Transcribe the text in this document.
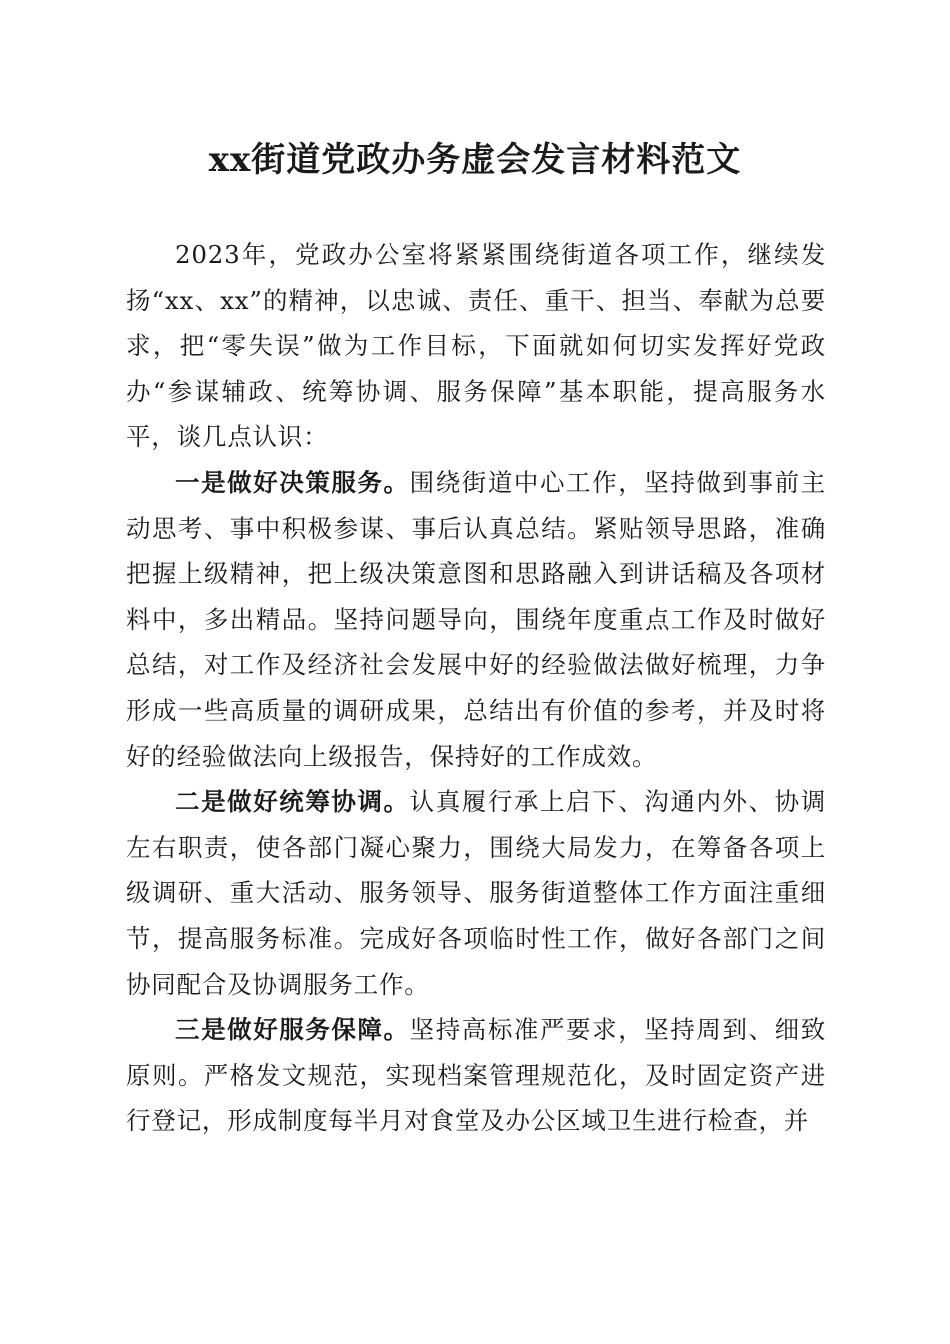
xx街道党政办务虚会发言材料范文

2023年，党政办公室将紧紧围绕街道各项工作，继续发扬“xx、xx”的精神，以忠诚、责任、重干、担当、奉献为总要求，把“零失误”做为工作目标，下面就如何切实发挥好党政办“参谋辅政、统筹协调、服务保障”基本职能，提高服务水平，谈几点认识：

一是做好决策服务。围绕街道中心工作，坚持做到事前主动思考、事中积极参谋、事后认真总结。紧贴领导思路，准确把握上级精神，把上级决策意图和思路融入到讲话稿及各项材料中，多出精品。坚持问题导向，围绕年度重点工作及时做好总结，对工作及经济社会发展中好的经验做法做好梳理，力争形成一些高质量的调研成果，总结出有价值的参考，并及时将好的经验做法向上级报告，保持好的工作成效。

二是做好统筹协调。认真履行承上启下、沟通内外、协调左右职责，使各部门凝心聚力，围绕大局发力，在筹备各项上级调研、重大活动、服务领导、服务街道整体工作方面注重细节，提高服务标准。完成好各项临时性工作，做好各部门之间协同配合及协调服务工作。

三是做好服务保障。坚持高标准严要求，坚持周到、细致原则。严格发文规范，实现档案管理规范化，及时固定资产进行登记，形成制度每半月对食堂及办公区域卫生进行检查，并
